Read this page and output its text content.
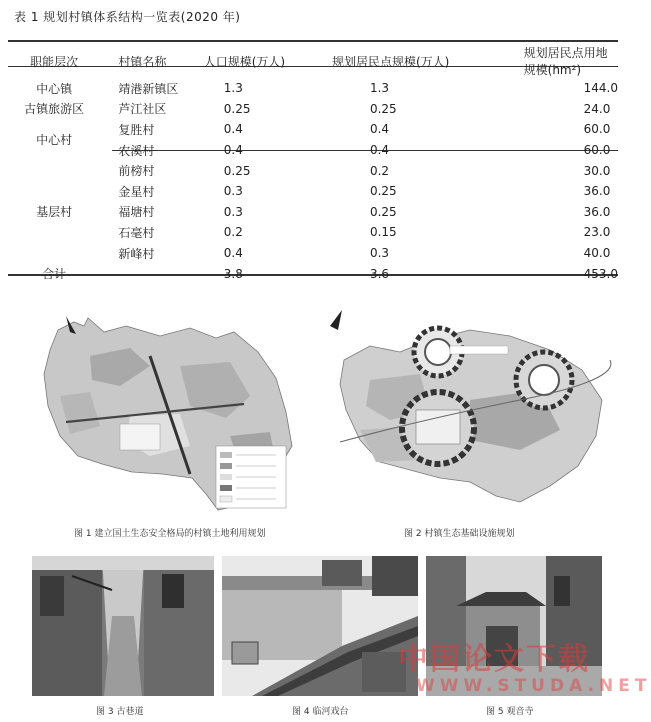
表 1 规划村镇体系结构一览表(2020 年)
职能层次	村镇名称	人口规模(万人)	规划居民点规模(万人)	规划居民点用地规模(hm²)
中心镇	靖港新镇区	1.3	1.3	144.0
古镇旅游区	芦江社区	0.25	0.25	24.0
中心村	复胜村	0.4	0.4	60.0
	农溪村	0.4	0.4	60.0
基层村	前榜村	0.25	0.2	30.0
	金星村	0.3	0.25	36.0
	福塘村	0.3	0.25	36.0
	石毫村	0.2	0.15	23.0
	新峰村	0.4	0.3	40.0
合计		3.8	3.6	453.0
图 1 建立国土生态安全格局的村镇土地利用规划	图 2 村镇生态基础设施规划
图 3 古巷道	图 4 临河戏台	图 5 观音寺
中国论文下载
WWW.STUDA.NET
